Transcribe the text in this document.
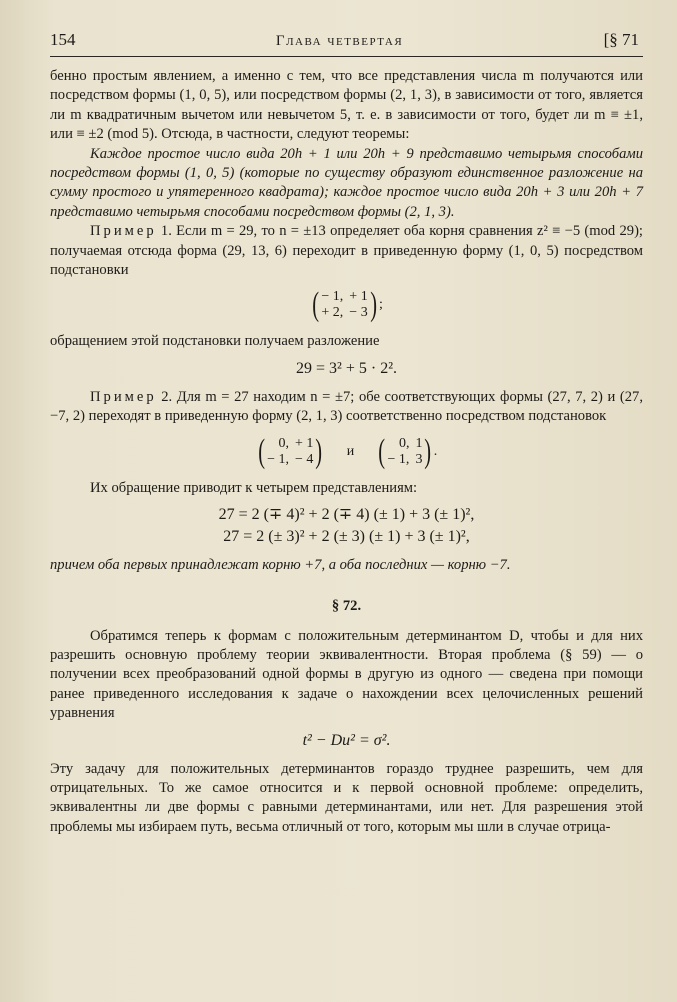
154	Глава четвертая	[§ 71

бенно простым явлением, а именно с тем, что все представления числа m получаются или посредством формы (1, 0, 5), или посредством формы (2, 1, 3), в зависимости от того, является ли m квадратичным вычетом или невычетом 5, т. е. в зависимости от того, будет ли m ≡ ±1, или ≡ ±2 (mod 5). Отсюда, в частности, следуют теоремы:

Каждое простое число вида 20h + 1 или 20h + 9 представимо четырьмя способами посредством формы (1, 0, 5) (которые по существу образуют единственное разложение на сумму простого и упятеренного квадрата); каждое простое число вида 20h + 3 или 20h + 7 представимо четырьмя способами посредством формы (2, 1, 3).

Пример 1. Если m = 29, то n = ±13 определяет оба корня сравнения z² ≡ −5 (mod 29); получаемая отсюда форма (29, 13, 6) переходит в приведенную форму (1, 0, 5) посредством подстановки

( − 1, + 1
+ 2, − 3 ) ;

обращением этой подстановки получаем разложение

29 = 3² + 5 · 2².

Пример 2. Для m = 27 находим n = ±7; обе соответствующих формы (27, 7, 2) и (27, −7, 2) переходят в приведенную форму (2, 1, 3) соответственно посредством подстановок

( 0, + 1
− 1, − 4 ) и ( 0, 1
− 1, 3 ) .

Их обращение приводит к четырем представлениям:

27 = 2 (∓ 4)² + 2 (∓ 4) (± 1) + 3 (± 1)²,
27 = 2 (± 3)² + 2 (± 3) (± 1) + 3 (± 1)²,

причем оба первых принадлежат корню +7, а оба последних — корню −7.

§ 72.

Обратимся теперь к формам с положительным детерминантом D, чтобы и для них разрешить основную проблему теории эквивалентности. Вторая проблема (§ 59) — о получении всех преобразований одной формы в другую из одного — сведена при помощи ранее приведенного исследования к задаче о нахождении всех целочисленных решений уравнения

t² − Du² = σ².

Эту задачу для положительных детерминантов гораздо труднее разрешить, чем для отрицательных. То же самое относится и к первой основной проблеме: определить, эквивалентны ли две формы с равными детерминантами, или нет. Для разрешения этой проблемы мы избираем путь, весьма отличный от того, которым мы шли в случае отрица-
